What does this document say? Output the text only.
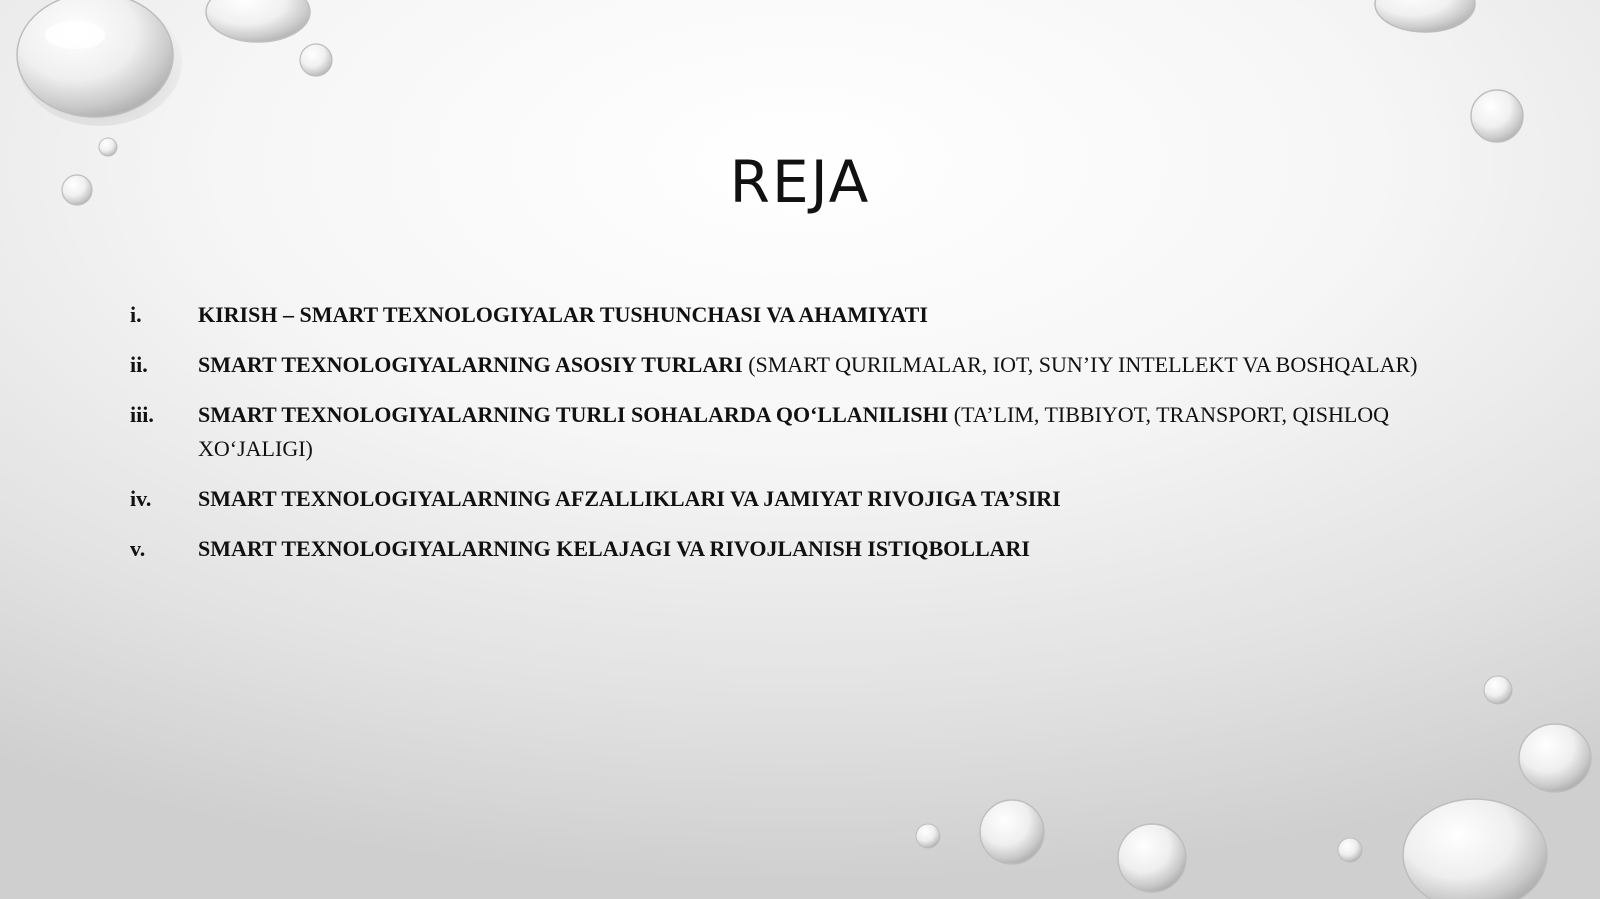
REJA
i.	KIRISH – SMART TEXNOLOGIYALAR TUSHUNCHASI VA AHAMIYATI
ii.	SMART TEXNOLOGIYALARNING ASOSIY TURLARI (SMART QURILMALAR, IOT, SUN’IY INTELLEKT VA BOSHQALAR)
iii.	SMART TEXNOLOGIYALARNING TURLI SOHALARDA QO‘LLANILISHI (TA’LIM, TIBBIYOT, TRANSPORT, QISHLOQ XO‘JALIGI)
iv.	SMART TEXNOLOGIYALARNING AFZALLIKLARI VA JAMIYAT RIVOJIGA TA’SIRI
v.	SMART TEXNOLOGIYALARNING KELAJAGI VA RIVOJLANISH ISTIQBOLLARI
